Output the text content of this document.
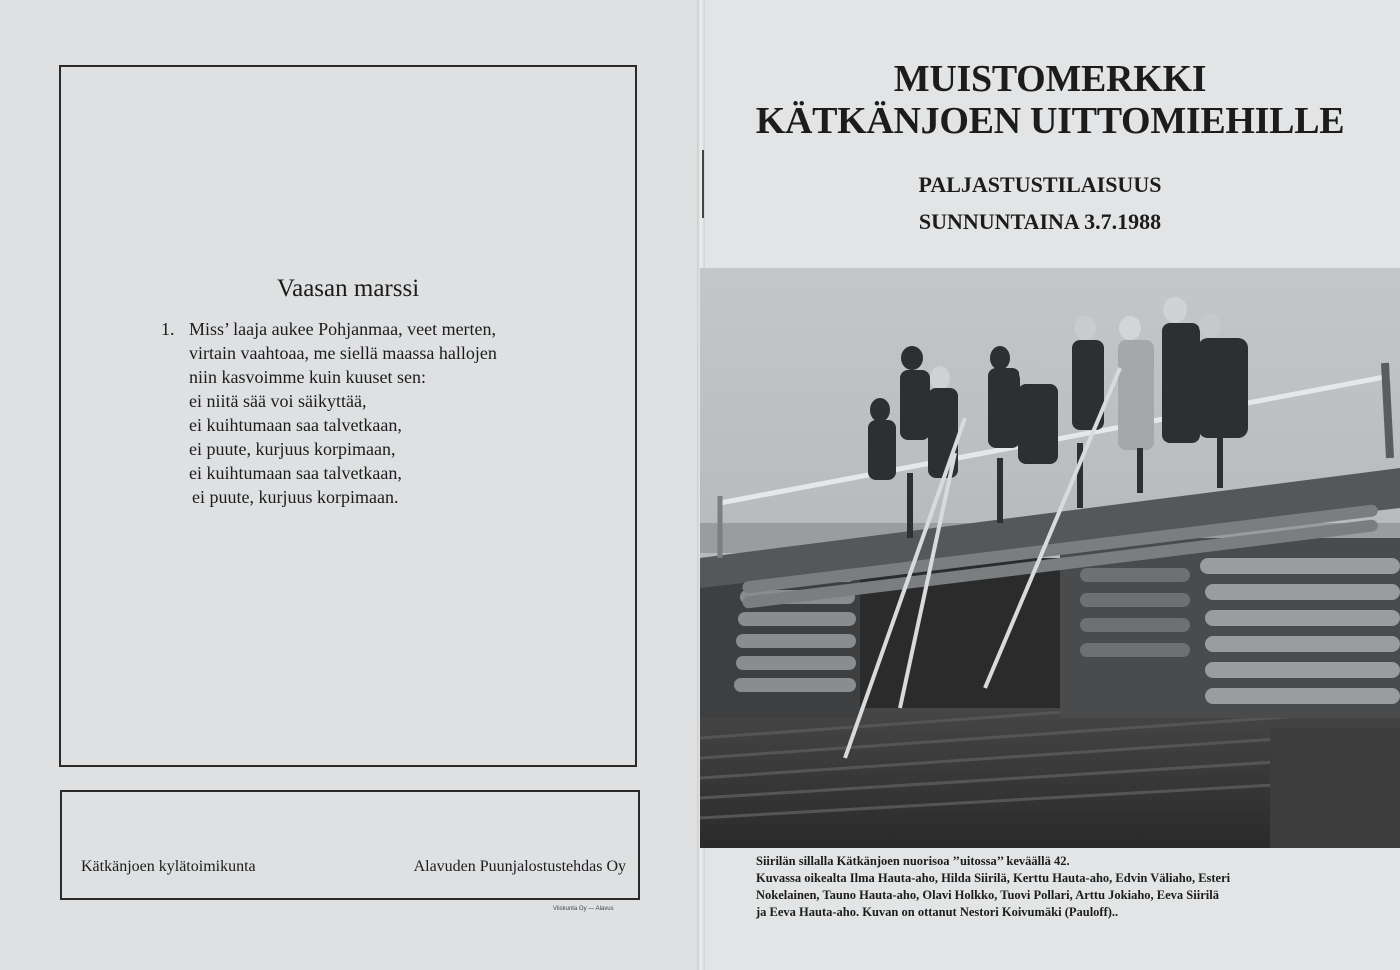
Vaasan marssi
1. Miss’ laaja aukee Pohjanmaa, veet merten,
virtain vaahtoaa, me siellä maassa hallojen
niin kasvoimme kuin kuuset sen:
ei niitä sää voi säikyttää,
ei kuihtumaan saa talvetkaan,
ei puute, kurjuus korpimaan,
ei kuihtumaan saa talvetkaan,
ei puute, kurjuus korpimaan.
Kätkänjoen kylätoimikunta	Alavuden Puunjalostustehdas Oy
Viiskunta Oy — Alavus
MUISTOMERKKI
KÄTKÄNJOEN UITTOMIEHILLE
PALJASTUSTILAISUUS
SUNNUNTAINA 3.7.1988
Siirilän sillalla Kätkänjoen nuorisoa ’’uitossa’’ keväällä 42.
Kuvassa oikealta Ilma Hauta-aho, Hilda Siirilä, Kerttu Hauta-aho, Edvin Väliaho, Esteri
Nokelainen, Tauno Hauta-aho, Olavi Holkko, Tuovi Pollari, Arttu Jokiaho, Eeva Siirilä
ja Eeva Hauta-aho. Kuvan on ottanut Nestori Koivumäki (Pauloff)..
